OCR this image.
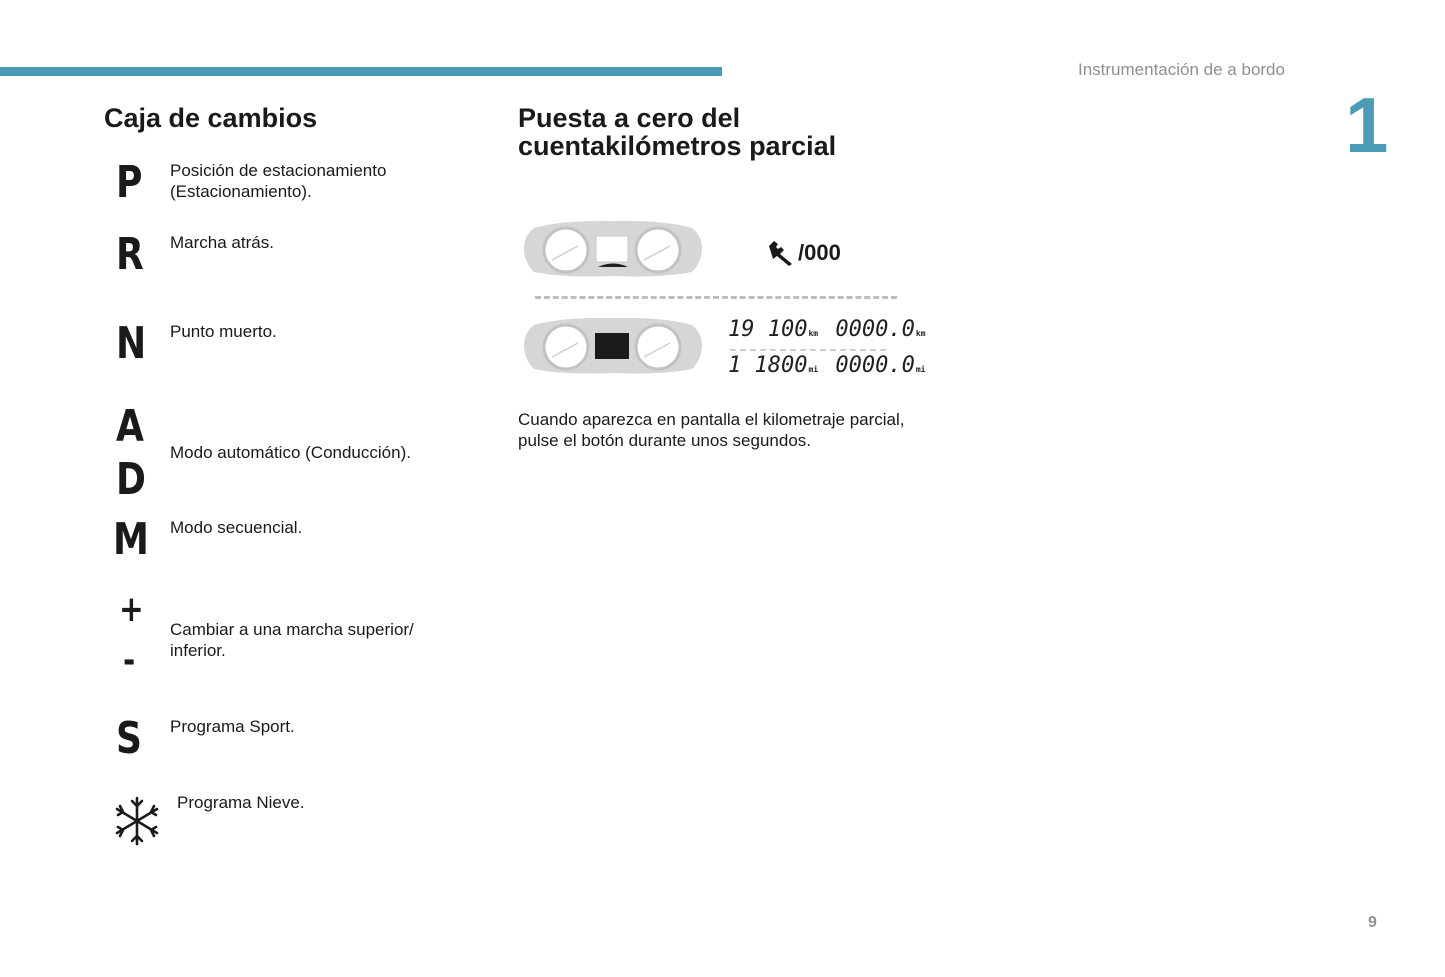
Instrumentación de a bordo
1
Caja de cambios
P Posición de estacionamiento (Estacionamiento).
R Marcha atrás.
N Punto muerto.
A
D
Modo automático (Conducción).
M Modo secuencial.
+
-
Cambiar a una marcha superior/ inferior.
S Programa Sport.
Programa Nieve.
Puesta a cero del cuentakilómetros parcial
/000
19 100km 0000.0km
1 1800mi 0000.0mi
Cuando aparezca en pantalla el kilometraje parcial, pulse el botón durante unos segundos.
9
